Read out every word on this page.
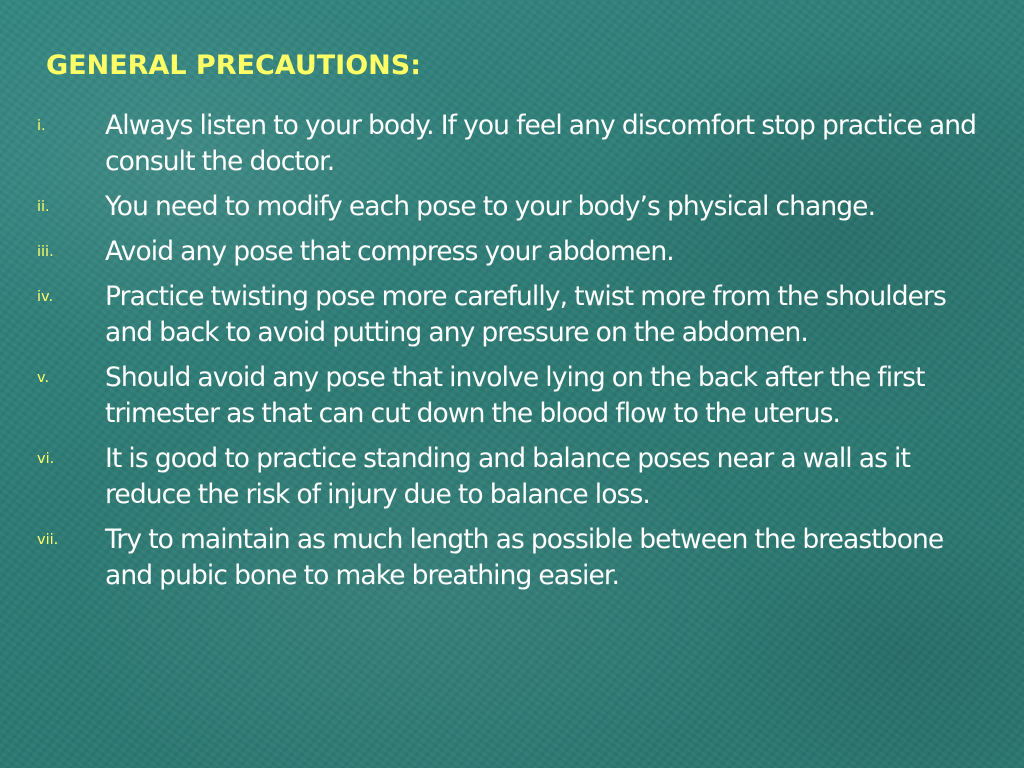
GENERAL PRECAUTIONS:
i. Always listen to your body. If you feel any discomfort stop practice and consult the doctor.
ii. You need to modify each pose to your body’s physical change.
iii. Avoid any pose that compress your abdomen.
iv. Practice twisting pose more carefully, twist more from the shoulders and back to avoid putting any pressure on the abdomen.
v. Should avoid any pose that involve lying on the back after the first trimester as that can cut down the blood flow to the uterus.
vi. It is good to practice standing and balance poses near a wall as it reduce the risk of injury due to balance loss.
vii. Try to maintain as much length as possible between the breastbone and pubic bone to make breathing easier.
